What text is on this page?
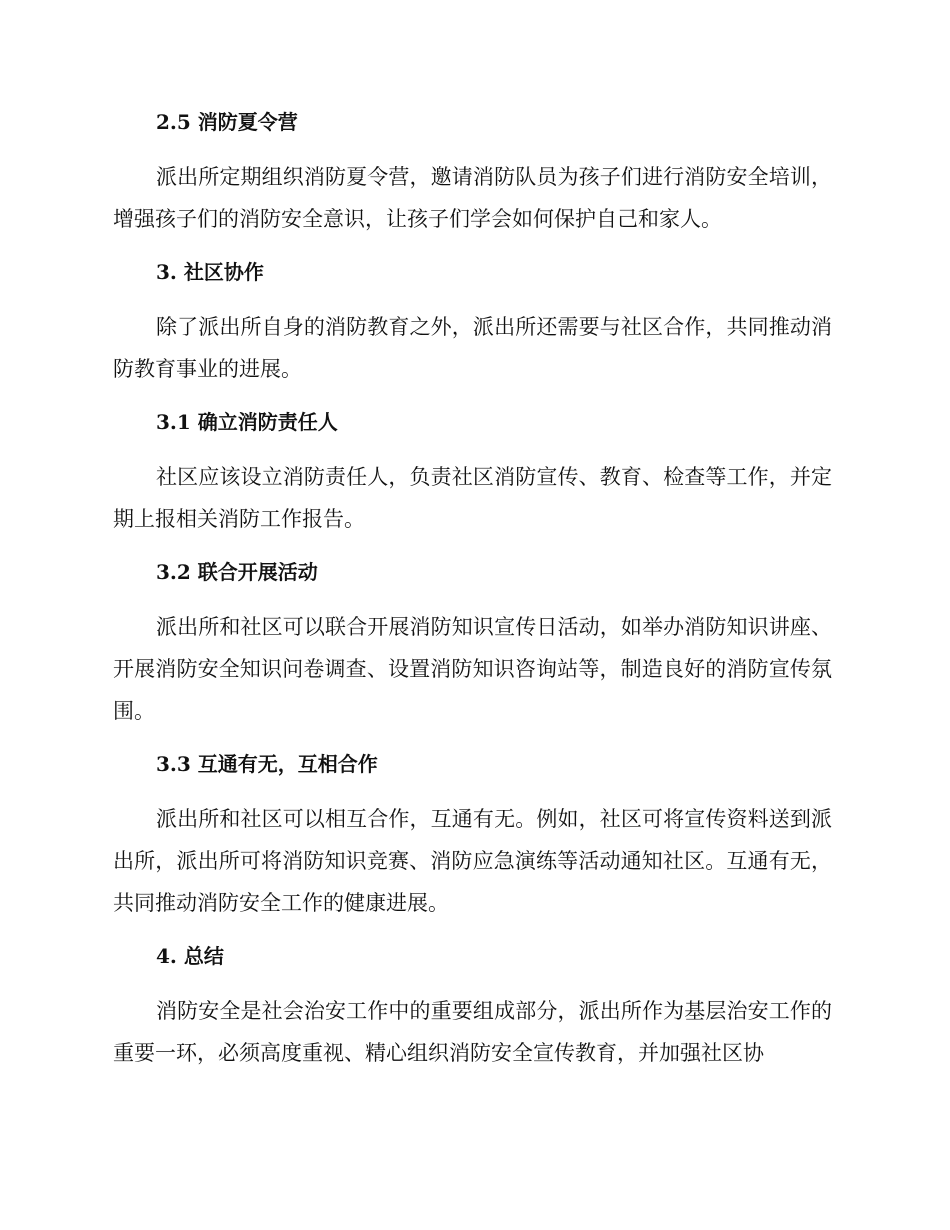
2.5 消防夏令营

派出所定期组织消防夏令营，邀请消防队员为孩子们进行消防安全培训，增强孩子们的消防安全意识，让孩子们学会如何保护自己和家人。

3. 社区协作

除了派出所自身的消防教育之外，派出所还需要与社区合作，共同推动消防教育事业的进展。

3.1 确立消防责任人

社区应该设立消防责任人，负责社区消防宣传、教育、检查等工作，并定期上报相关消防工作报告。

3.2 联合开展活动

派出所和社区可以联合开展消防知识宣传日活动，如举办消防知识讲座、开展消防安全知识问卷调查、设置消防知识咨询站等，制造良好的消防宣传氛围。

3.3 互通有无，互相合作

派出所和社区可以相互合作，互通有无。例如，社区可将宣传资料送到派出所，派出所可将消防知识竞赛、消防应急演练等活动通知社区。互通有无，共同推动消防安全工作的健康进展。

4. 总结

消防安全是社会治安工作中的重要组成部分，派出所作为基层治安工作的重要一环，必须高度重视、精心组织消防安全宣传教育，并加强社区协
